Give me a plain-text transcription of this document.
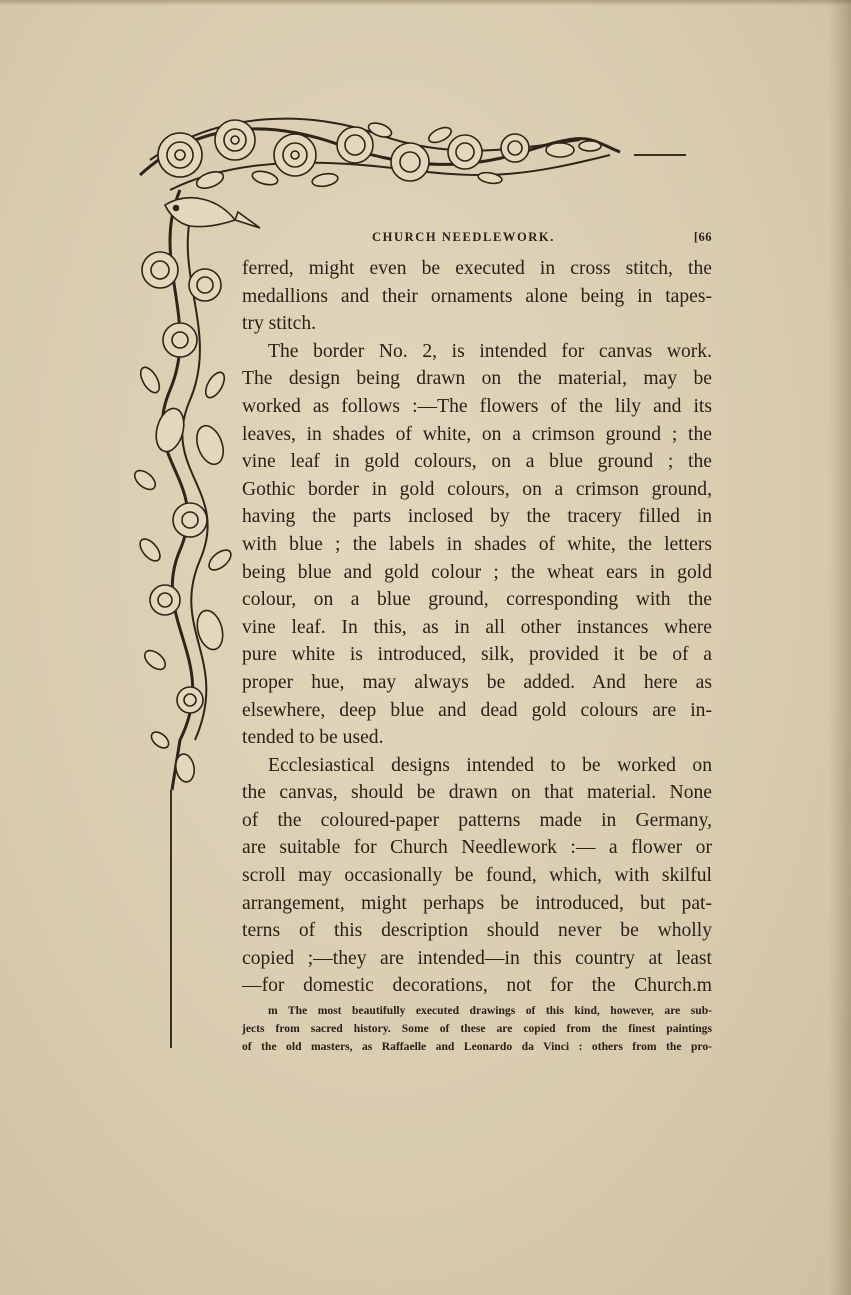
CHURCH NEEDLEWORK.	[66
ferred, might even be executed in cross stitch, the
medallions and their ornaments alone being in tapes-
try stitch.
The border No. 2, is intended for canvas work.
The design being drawn on the material, may be
worked as follows :—The flowers of the lily and its
leaves, in shades of white, on a crimson ground ; the
vine leaf in gold colours, on a blue ground ; the
Gothic border in gold colours, on a crimson ground,
having the parts inclosed by the tracery filled in
with blue ; the labels in shades of white, the letters
being blue and gold colour ; the wheat ears in gold
colour, on a blue ground, corresponding with the
vine leaf. In this, as in all other instances where
pure white is introduced, silk, provided it be of a
proper hue, may always be added. And here as
elsewhere, deep blue and dead gold colours are in-
tended to be used.
Ecclesiastical designs intended to be worked on
the canvas, should be drawn on that material. None
of the coloured-paper patterns made in Germany,
are suitable for Church Needlework :— a flower or
scroll may occasionally be found, which, with skilful
arrangement, might perhaps be introduced, but pat-
terns of this description should never be wholly
copied ;—they are intended—in this country at least
—for domestic decorations, not for the Church.m
m The most beautifully executed drawings of this kind, however, are sub-
jects from sacred history. Some of these are copied from the finest paintings
of the old masters, as Raffaelle and Leonardo da Vinci : others from the pro-
